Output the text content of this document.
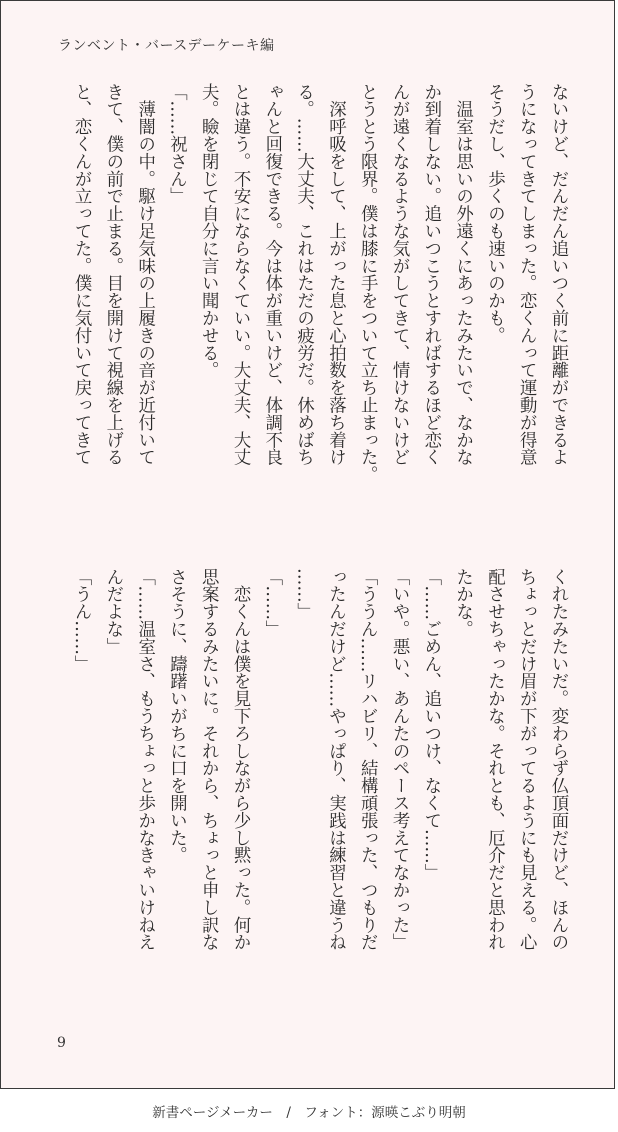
ランベント・バースデーケーキ編
ないけど、だんだん追いつく前に距離ができるよ
うになってきてしまった。恋くんって運動が得意
そうだし、歩くのも速いのかも。
　温室は思いの外遠くにあったみたいで、なかな
か到着しない。追いつこうとすればするほど恋く
んが遠くなるような気がしてきて、情けないけど
とうとう限界。僕は膝に手をついて立ち止まった。
　深呼吸をして、上がった息と心拍数を落ち着け
る。……大丈夫、これはただの疲労だ。休めばち
ゃんと回復できる。今は体が重いけど、体調不良
とは違う。不安にならなくていい。大丈夫、大丈
夫。瞼を閉じて自分に言い聞かせる。
「……祝さん」
　薄闇の中。駆け足気味の上履きの音が近付いて
きて、僕の前で止まる。目を開けて視線を上げる
と、恋くんが立ってた。僕に気付いて戻ってきて
くれたみたいだ。変わらず仏頂面だけど、ほんの
ちょっとだけ眉が下がってるようにも見える。心
配させちゃったかな。それとも、厄介だと思われ
たかな。
「……ごめん、追いつけ、なくて……」
「いや。悪い、あんたのペース考えてなかった」
「ううん……リハビリ、結構頑張った、つもりだ
ったんだけど……やっぱり、実践は練習と違うね
……」
「……」
　恋くんは僕を見下ろしながら少し黙った。何か
思案するみたいに。それから、ちょっと申し訳な
さそうに、躊躇いがちに口を開いた。
「……温室さ、もうちょっと歩かなきゃいけねえ
んだよな」
「うん……」
9
新書ページメーカー　/　フォント：源暎こぶり明朝
